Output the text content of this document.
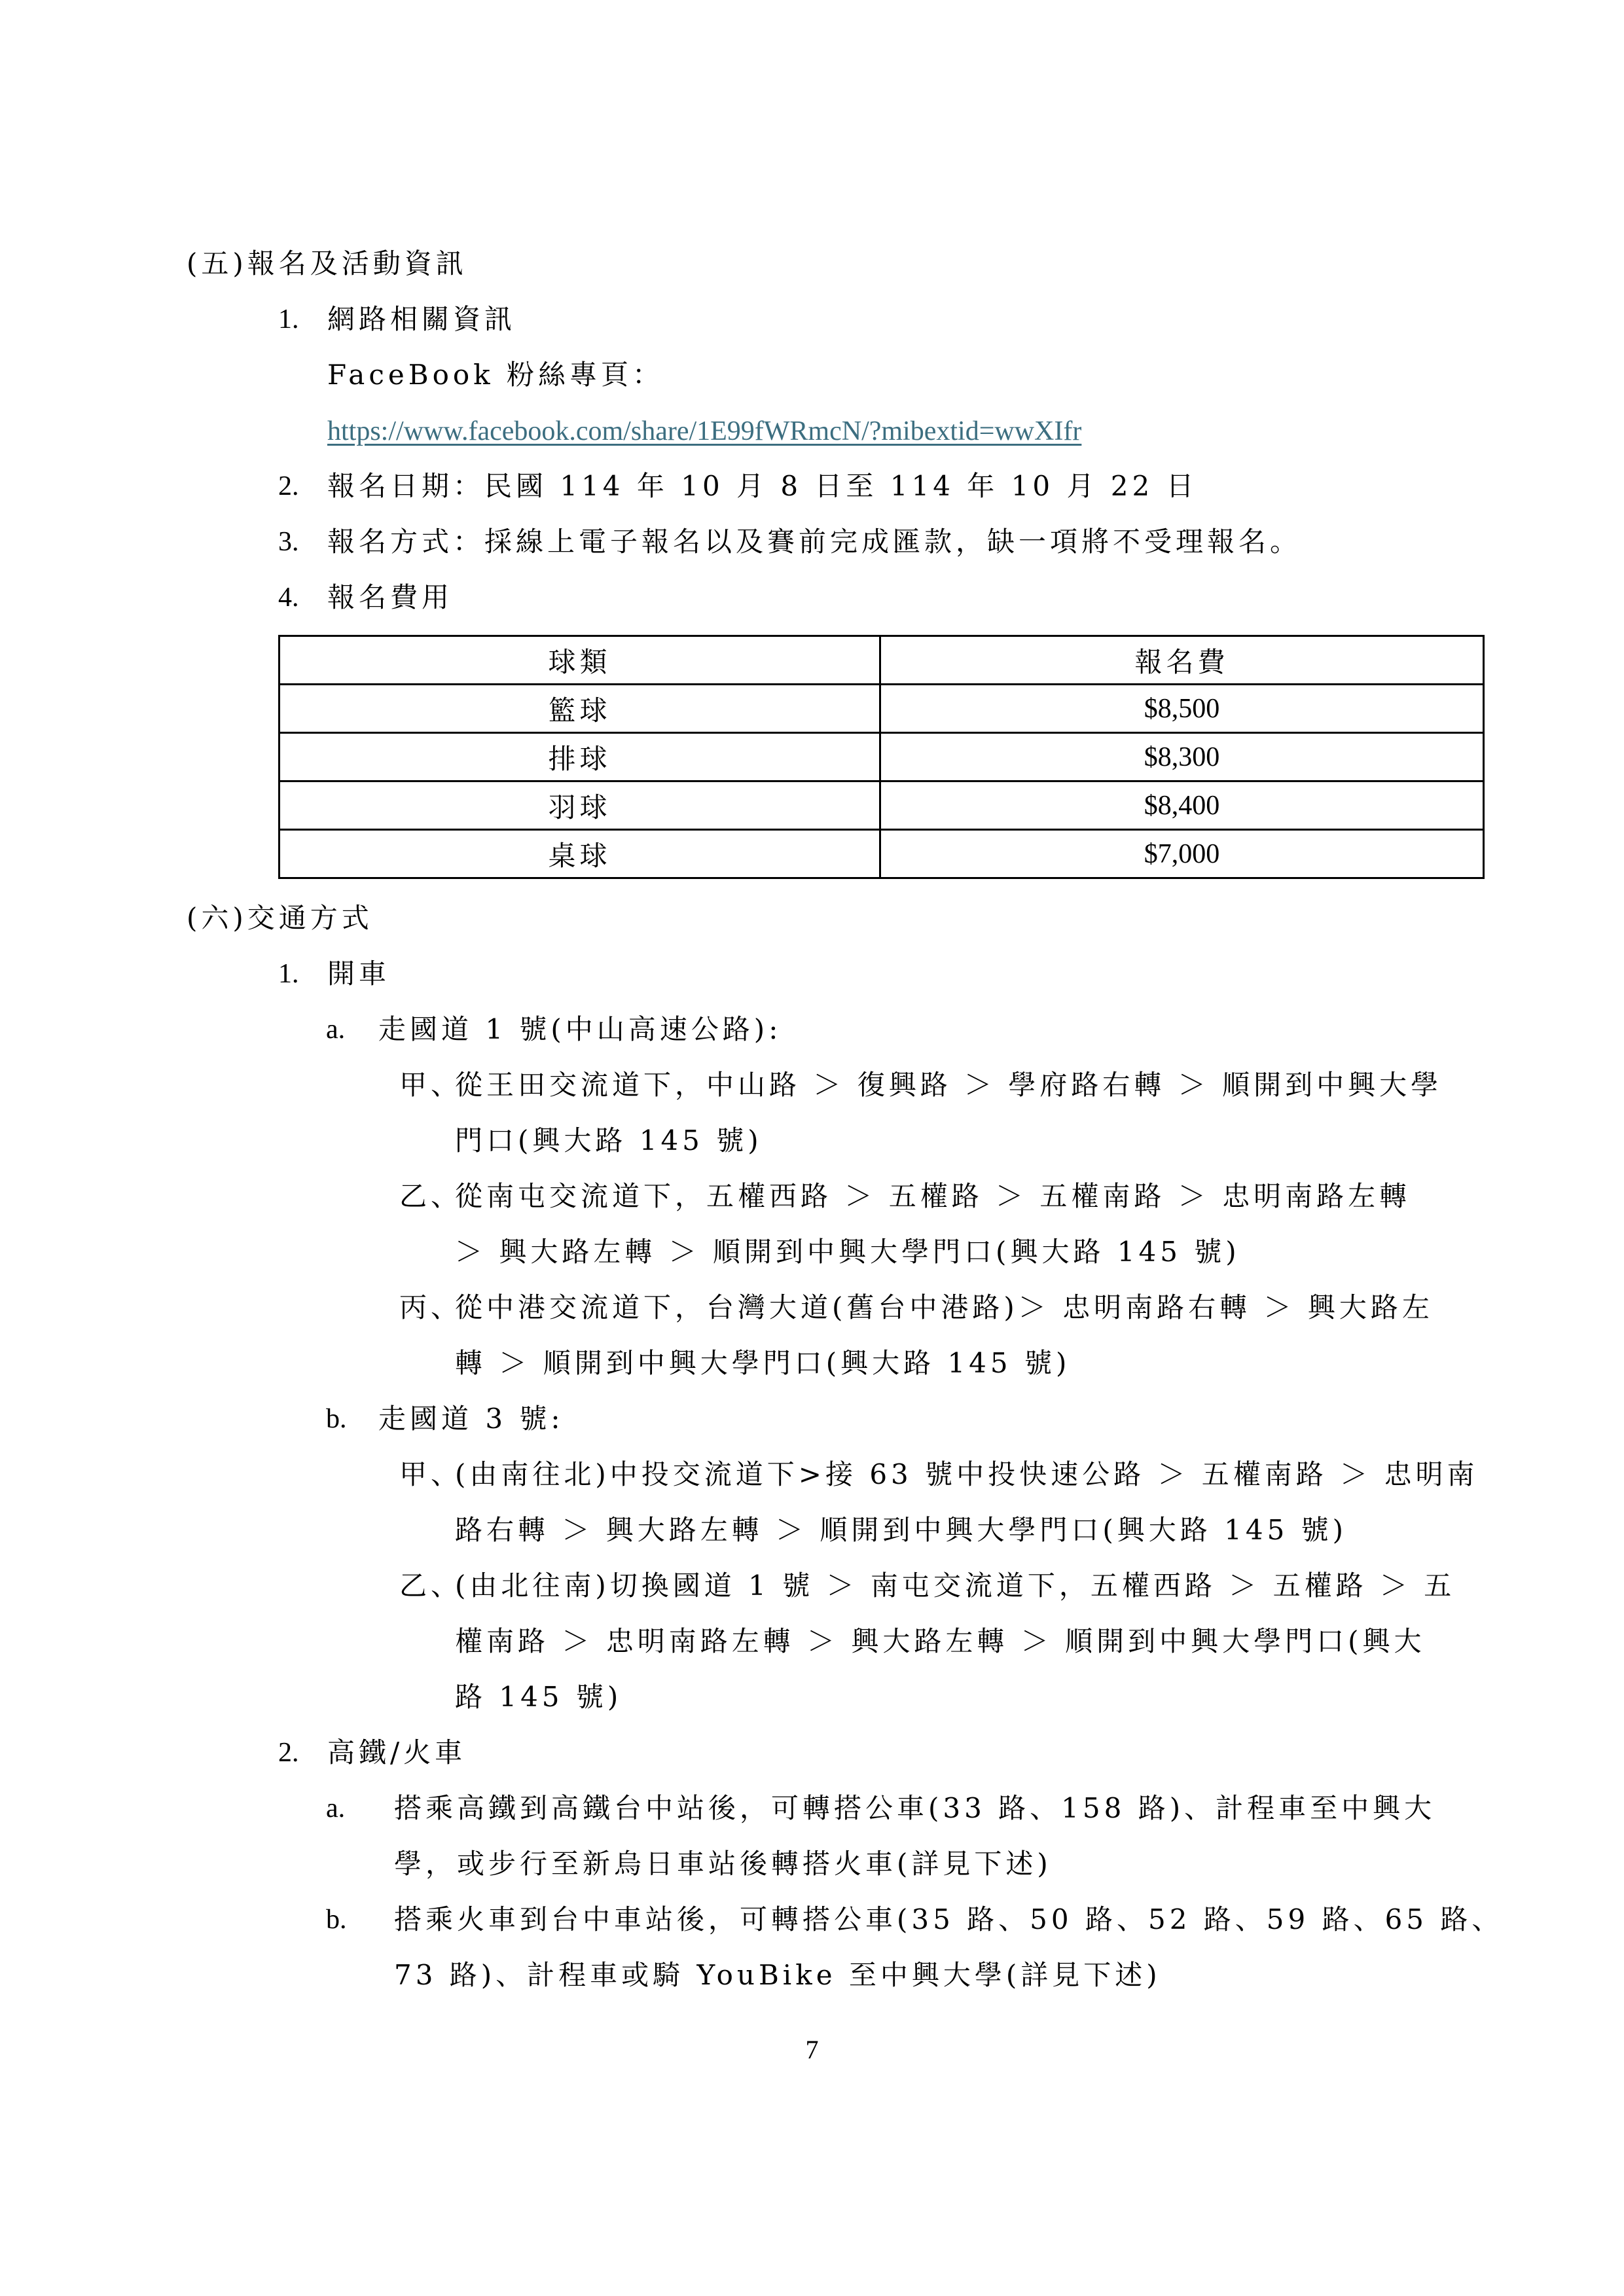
(五)報名及活動資訊
1. 網路相關資訊
FaceBook 粉絲專頁：
https://www.facebook.com/share/1E99fWRmcN/?mibextid=wwXIfr
2. 報名日期：民國 114 年 10 月 8 日至 114 年 10 月 22 日
3. 報名方式：採線上電子報名以及賽前完成匯款，缺一項將不受理報名。
4. 報名費用
球類	報名費
籃球	$8,500
排球	$8,300
羽球	$8,400
桌球	$7,000
(六)交通方式
1. 開車
a. 走國道 1 號(中山高速公路):
甲、
從王田交流道下，中山路 ＞ 復興路 ＞ 學府路右轉 ＞ 順開到中興大學
門口(興大路 145 號)
乙、
從南屯交流道下，五權西路 ＞ 五權路 ＞ 五權南路 ＞ 忠明南路左轉
＞ 興大路左轉 ＞ 順開到中興大學門口(興大路 145 號)
丙、
從中港交流道下，台灣大道(舊台中港路)＞ 忠明南路右轉 ＞ 興大路左
轉 ＞ 順開到中興大學門口(興大路 145 號)
b. 走國道 3 號:
甲、
(由南往北)中投交流道下>接 63 號中投快速公路 ＞ 五權南路 ＞ 忠明南
路右轉 ＞ 興大路左轉 ＞ 順開到中興大學門口(興大路 145 號)
乙、
(由北往南)切換國道 1 號 ＞ 南屯交流道下，五權西路 ＞ 五權路 ＞ 五
權南路 ＞ 忠明南路左轉 ＞ 興大路左轉 ＞ 順開到中興大學門口(興大
路 145 號)
2. 高鐵/火車
a. 搭乘高鐵到高鐵台中站後，可轉搭公車(33 路、158 路)、計程車至中興大
學，或步行至新烏日車站後轉搭火車(詳見下述)
b. 搭乘火車到台中車站後，可轉搭公車(35 路、50 路、52 路、59 路、65 路、
73 路)、計程車或騎 YouBike 至中興大學(詳見下述)
7
